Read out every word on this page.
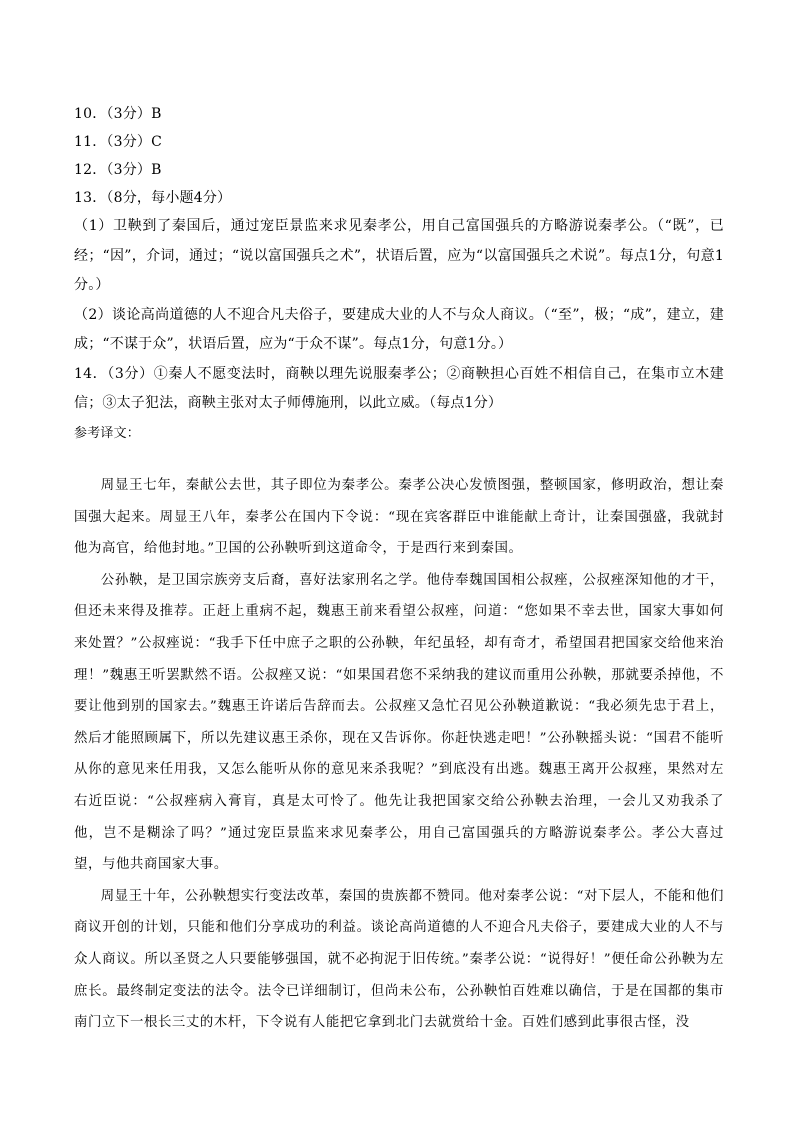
10．（3分）B

11．（3分）C

12．（3分）B

13．（8分，每小题4分）

（1）卫鞅到了秦国后，通过宠臣景监来求见秦孝公，用自己富国强兵的方略游说秦孝公。（“既”，已经；“因”，介词，通过；“说以富国强兵之术”，状语后置，应为“以富国强兵之术说”。每点1分，句意1分。）

（2）谈论高尚道德的人不迎合凡夫俗子，要建成大业的人不与众人商议。（“至”，极；“成”，建立，建成；“不谋于众”，状语后置，应为“于众不谋”。每点1分，句意1分。）

14．（3分）①秦人不愿变法时，商鞅以理先说服秦孝公；②商鞅担心百姓不相信自己，在集市立木建信；③太子犯法，商鞅主张对太子师傅施刑，以此立威。（每点1分）

参考译文：

周显王七年，秦献公去世，其子即位为秦孝公。秦孝公决心发愤图强，整顿国家，修明政治，想让秦国强大起来。周显王八年，秦孝公在国内下令说：“现在宾客群臣中谁能献上奇计，让秦国强盛，我就封他为高官，给他封地。”卫国的公孙鞅听到这道命令，于是西行来到秦国。

公孙鞅，是卫国宗族旁支后裔，喜好法家刑名之学。他侍奉魏国国相公叔痤，公叔痤深知他的才干，但还未来得及推荐。正赶上重病不起，魏惠王前来看望公叔痤，问道：“您如果不幸去世，国家大事如何来处置？”公叔痤说：“我手下任中庶子之职的公孙鞅，年纪虽轻，却有奇才，希望国君把国家交给他来治理！”魏惠王听罢默然不语。公叔痤又说：“如果国君您不采纳我的建议而重用公孙鞅，那就要杀掉他，不要让他到别的国家去。”魏惠王许诺后告辞而去。公叔痤又急忙召见公孙鞅道歉说：“我必须先忠于君上，然后才能照顾属下，所以先建议惠王杀你，现在又告诉你。你赶快逃走吧！”公孙鞅摇头说：“国君不能听从你的意见来任用我，又怎么能听从你的意见来杀我呢？”到底没有出逃。魏惠王离开公叔痤，果然对左右近臣说：“公叔痤病入膏肓，真是太可怜了。他先让我把国家交给公孙鞅去治理，一会儿又劝我杀了他，岂不是糊涂了吗？”通过宠臣景监来求见秦孝公，用自己富国强兵的方略游说秦孝公。孝公大喜过望，与他共商国家大事。

周显王十年，公孙鞅想实行变法改革，秦国的贵族都不赞同。他对秦孝公说：“对下层人，不能和他们商议开创的计划，只能和他们分享成功的利益。谈论高尚道德的人不迎合凡夫俗子，要建成大业的人不与众人商议。所以圣贤之人只要能够强国，就不必拘泥于旧传统。”秦孝公说：“说得好！”便任命公孙鞅为左庶长。最终制定变法的法令。法令已详细制订，但尚未公布，公孙鞅怕百姓难以确信，于是在国都的集市南门立下一根长三丈的木杆，下令说有人能把它拿到北门去就赏给十金。百姓们感到此事很古怪，没
